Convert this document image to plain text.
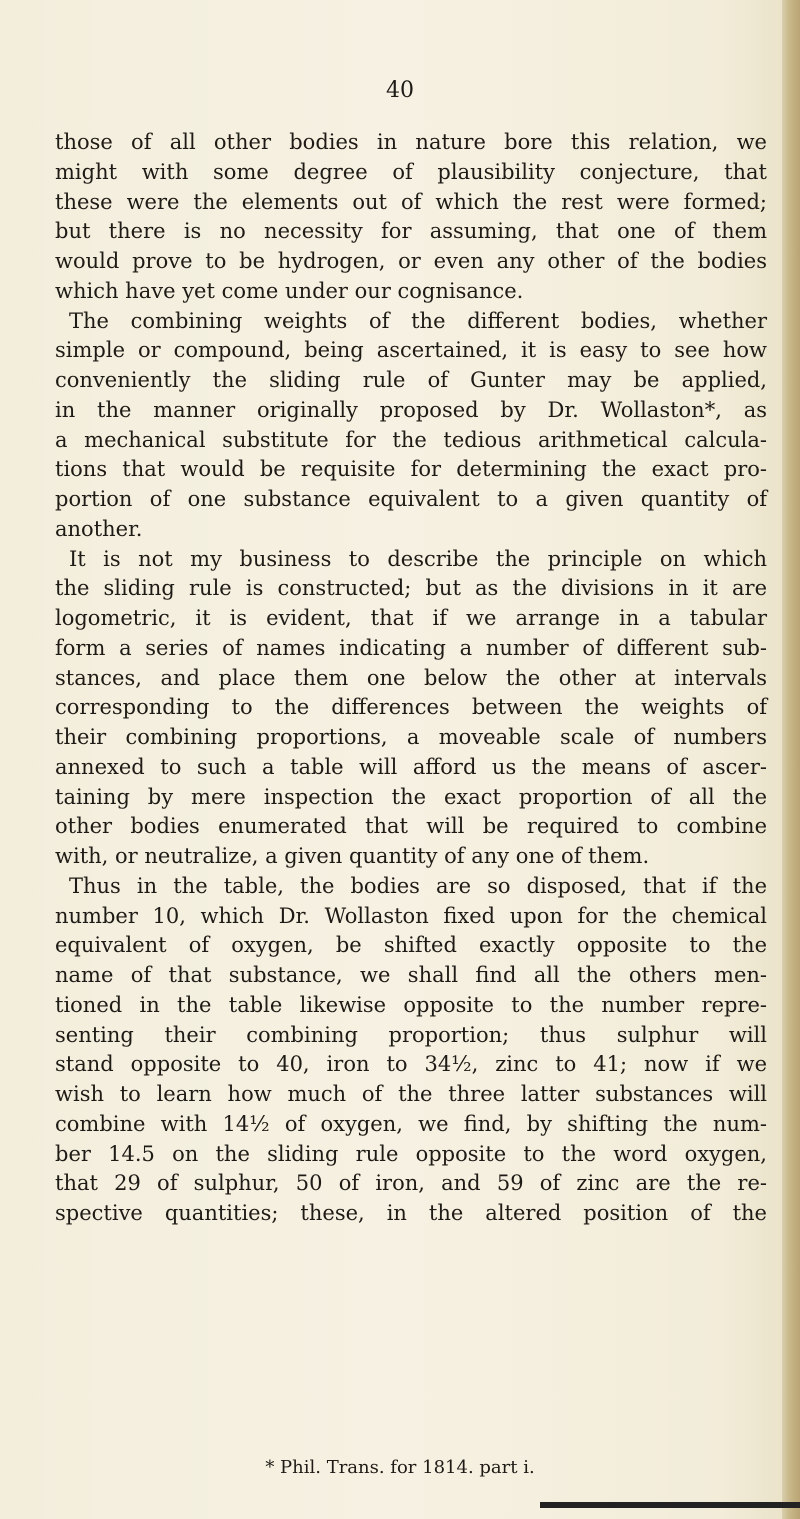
40
those of all other bodies in nature bore this relation, we
might with some degree of plausibility conjecture, that
these were the elements out of which the rest were formed;
but there is no necessity for assuming, that one of them
would prove to be hydrogen, or even any other of the bodies
which have yet come under our cognisance.
The combining weights of the different bodies, whether
simple or compound, being ascertained, it is easy to see how
conveniently the sliding rule of Gunter may be applied,
in the manner originally proposed by Dr. Wollaston*, as
a mechanical substitute for the tedious arithmetical calcula-
tions that would be requisite for determining the exact pro-
portion of one substance equivalent to a given quantity of
another.
It is not my business to describe the principle on which
the sliding rule is constructed; but as the divisions in it are
logometric, it is evident, that if we arrange in a tabular
form a series of names indicating a number of different sub-
stances, and place them one below the other at intervals
corresponding to the differences between the weights of
their combining proportions, a moveable scale of numbers
annexed to such a table will afford us the means of ascer-
taining by mere inspection the exact proportion of all the
other bodies enumerated that will be required to combine
with, or neutralize, a given quantity of any one of them.
Thus in the table, the bodies are so disposed, that if the
number 10, which Dr. Wollaston fixed upon for the chemical
equivalent of oxygen, be shifted exactly opposite to the
name of that substance, we shall find all the others men-
tioned in the table likewise opposite to the number repre-
senting their combining proportion; thus sulphur will
stand opposite to 40, iron to 34½, zinc to 41; now if we
wish to learn how much of the three latter substances will
combine with 14½ of oxygen, we find, by shifting the num-
ber 14.5 on the sliding rule opposite to the word oxygen,
that 29 of sulphur, 50 of iron, and 59 of zinc are the re-
spective quantities; these, in the altered position of the
* Phil. Trans. for 1814. part i.
